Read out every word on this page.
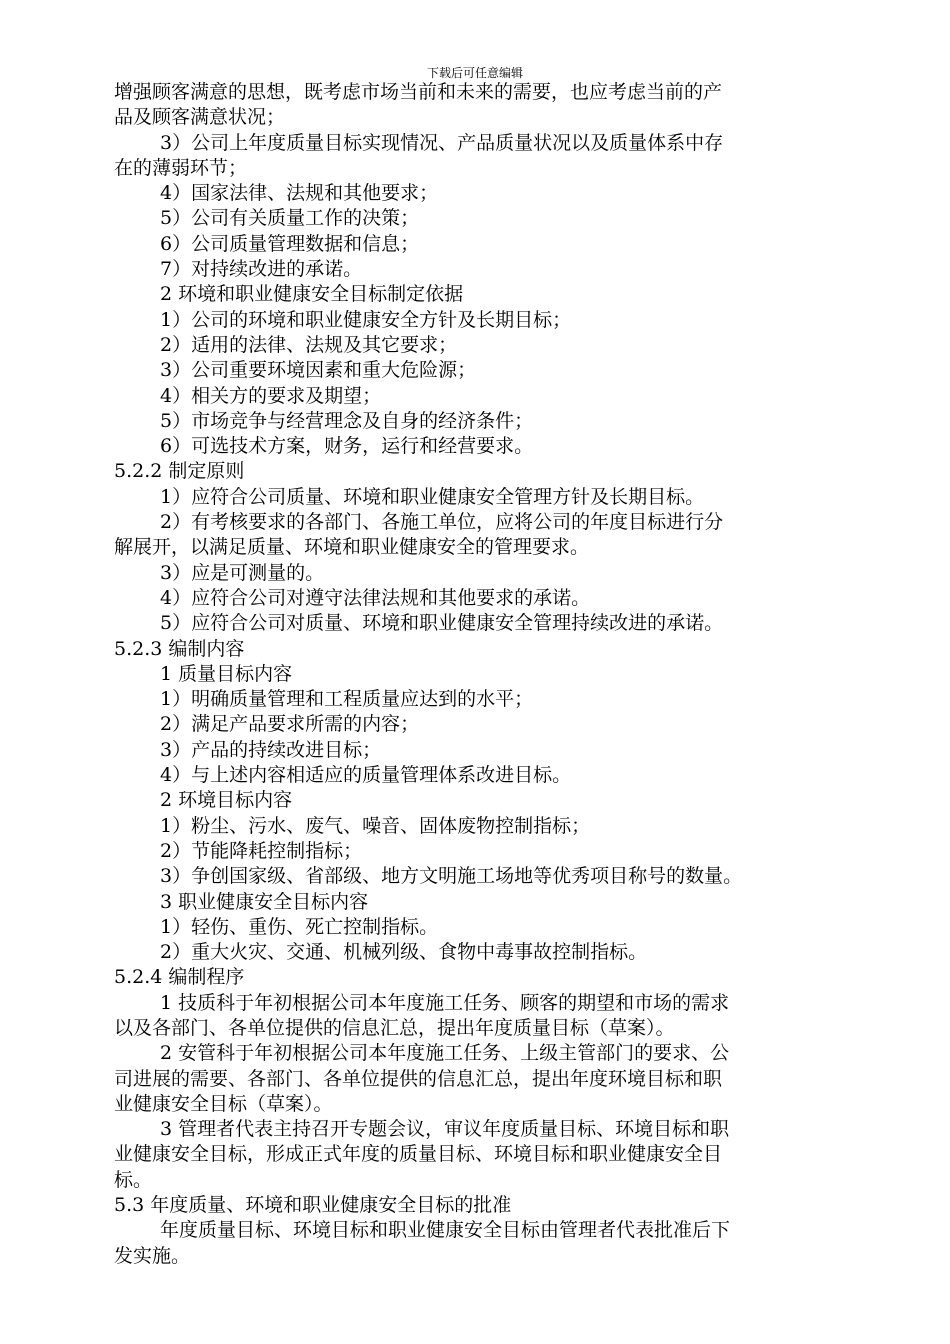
下载后可任意编辑
增强顾客满意的思想，既考虑市场当前和未来的需要，也应考虑当前的产
品及顾客满意状况；
3）公司上年度质量目标实现情况、产品质量状况以及质量体系中存
在的薄弱环节；
4）国家法律、法规和其他要求；
5）公司有关质量工作的决策；
6）公司质量管理数据和信息；
7）对持续改进的承诺。
2 环境和职业健康安全目标制定依据
1）公司的环境和职业健康安全方针及长期目标；
2）适用的法律、法规及其它要求；
3）公司重要环境因素和重大危险源；
4）相关方的要求及期望；
5）市场竞争与经营理念及自身的经济条件；
6）可选技术方案，财务，运行和经营要求。
5.2.2 制定原则
1）应符合公司质量、环境和职业健康安全管理方针及长期目标。
2）有考核要求的各部门、各施工单位，应将公司的年度目标进行分
解展开，以满足质量、环境和职业健康安全的管理要求。
3）应是可测量的。
4）应符合公司对遵守法律法规和其他要求的承诺。
5）应符合公司对质量、环境和职业健康安全管理持续改进的承诺。
5.2.3 编制内容
1 质量目标内容
1）明确质量管理和工程质量应达到的水平；
2）满足产品要求所需的内容；
3）产品的持续改进目标；
4）与上述内容相适应的质量管理体系改进目标。
2 环境目标内容
1）粉尘、污水、废气、噪音、固体废物控制指标；
2）节能降耗控制指标；
3）争创国家级、省部级、地方文明施工场地等优秀项目称号的数量。
3 职业健康安全目标内容
1）轻伤、重伤、死亡控制指标。
2）重大火灾、交通、机械列级、食物中毒事故控制指标。
5.2.4 编制程序
1 技质科于年初根据公司本年度施工任务、顾客的期望和市场的需求
以及各部门、各单位提供的信息汇总，提出年度质量目标（草案）。
2 安管科于年初根据公司本年度施工任务、上级主管部门的要求、公
司进展的需要、各部门、各单位提供的信息汇总，提出年度环境目标和职
业健康安全目标（草案）。
3 管理者代表主持召开专题会议，审议年度质量目标、环境目标和职
业健康安全目标，形成正式年度的质量目标、环境目标和职业健康安全目
标。
5.3 年度质量、环境和职业健康安全目标的批准
年度质量目标、环境目标和职业健康安全目标由管理者代表批准后下
发实施。
